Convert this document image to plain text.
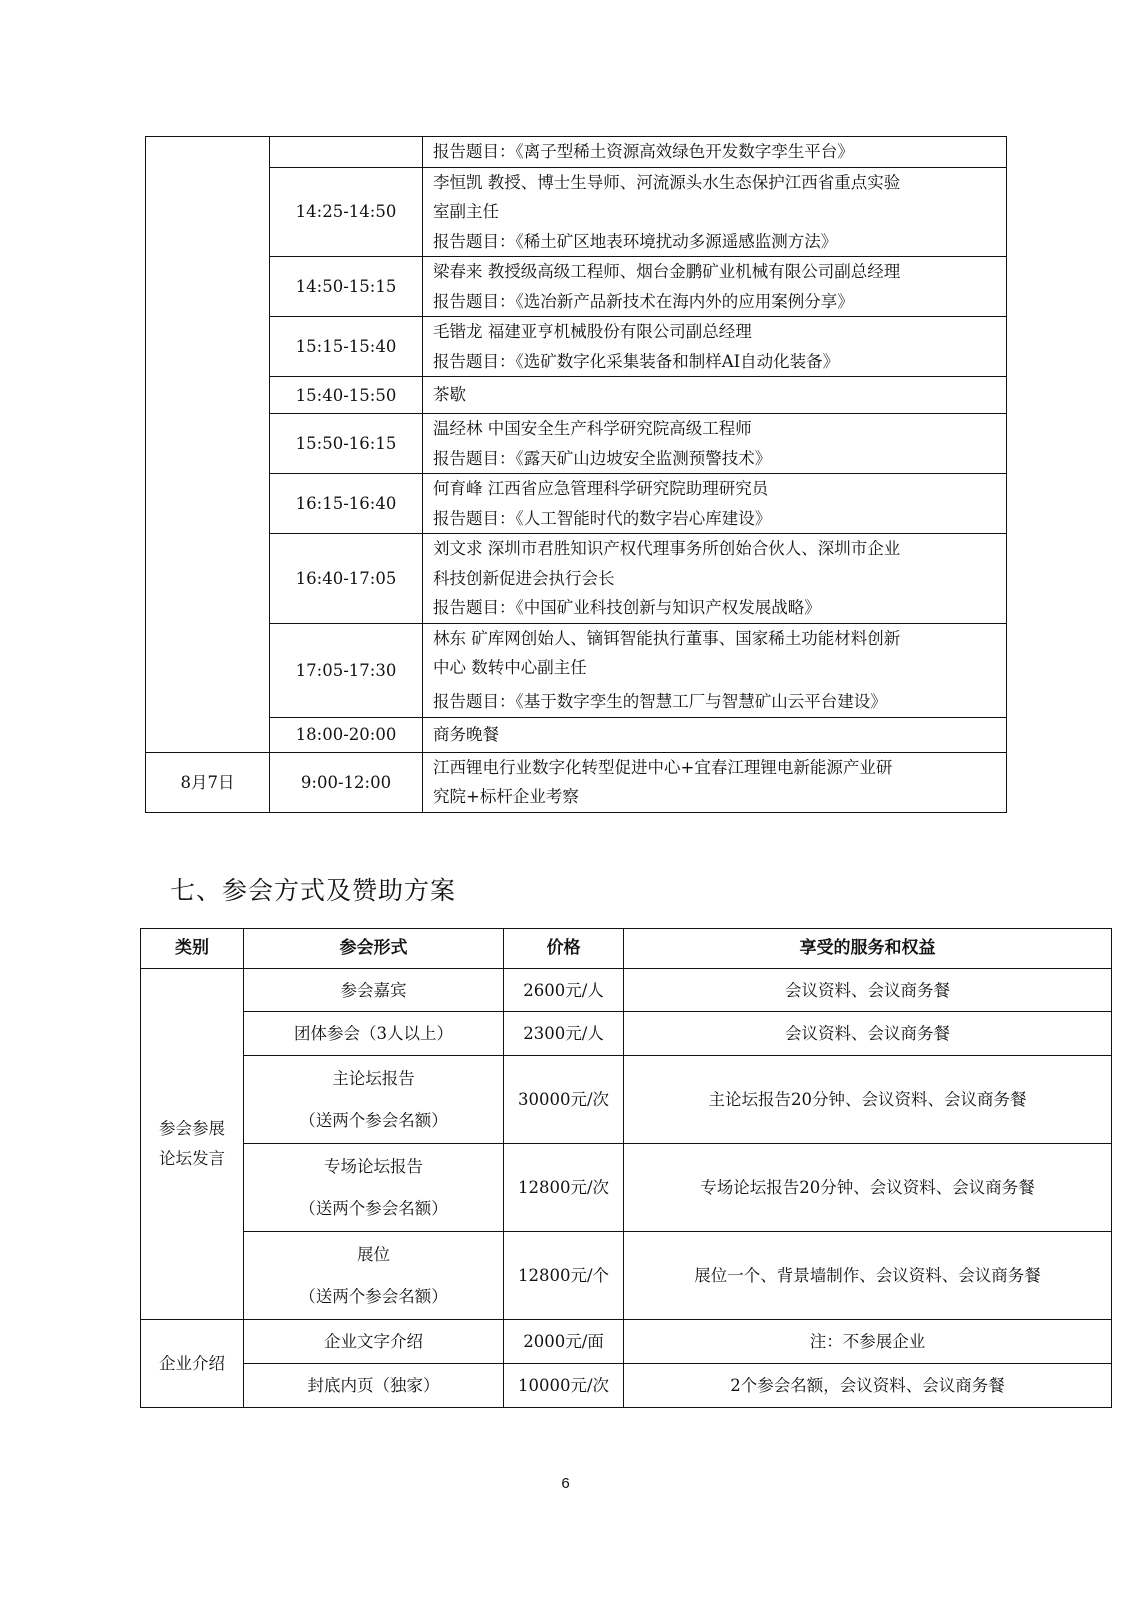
		报告题目：《离子型稀土资源高效绿色开发数字孪生平台》

	14:25-14:50	李恒凯 教授、博士生导师、河流源头水生态保护江西省重点实验
室副主任
报告题目：《稀土矿区地表环境扰动多源遥感监测方法》

	14:50-15:15	梁春来 教授级高级工程师、烟台金鹏矿业机械有限公司副总经理
报告题目：《选冶新产品新技术在海内外的应用案例分享》

	15:15-15:40	毛锴龙 福建亚亨机械股份有限公司副总经理
报告题目：《选矿数字化采集装备和制样AI自动化装备》

	15:40-15:50	茶歇

	15:50-16:15	温经林 中国安全生产科学研究院高级工程师
报告题目：《露天矿山边坡安全监测预警技术》

	16:15-16:40	何育峰 江西省应急管理科学研究院助理研究员
报告题目：《人工智能时代的数字岩心库建设》

	16:40-17:05	刘文求 深圳市君胜知识产权代理事务所创始合伙人、深圳市企业
科技创新促进会执行会长
报告题目：《中国矿业科技创新与知识产权发展战略》

	17:05-17:30	林东 矿库网创始人、镝铒智能执行董事、国家稀土功能材料创新
中心 数转中心副主任
报告题目：《基于数字孪生的智慧工厂与智慧矿山云平台建设》

	18:00-20:00	商务晚餐

8月7日	9:00-12:00	江西锂电行业数字化转型促进中心+宜春江理锂电新能源产业研
究院+标杆企业考察
七、参会方式及赞助方案
类别	参会形式	价格	享受的服务和权益

参会参展
论坛发言	参会嘉宾	2600元/人	会议资料、会议商务餐
	团体参会（3人以上）	2300元/人	会议资料、会议商务餐

	主论坛报告
（送两个参会名额）	30000元/次	主论坛报告20分钟、会议资料、会议商务餐

	专场论坛报告
（送两个参会名额）	12800元/次	专场论坛报告20分钟、会议资料、会议商务餐

	展位
（送两个参会名额）	12800元/个	展位一个、背景墙制作、会议资料、会议商务餐
企业介绍	企业文字介绍	2000元/面	注：不参展企业
	封底内页（独家）	10000元/次	2个参会名额，会议资料、会议商务餐
6
